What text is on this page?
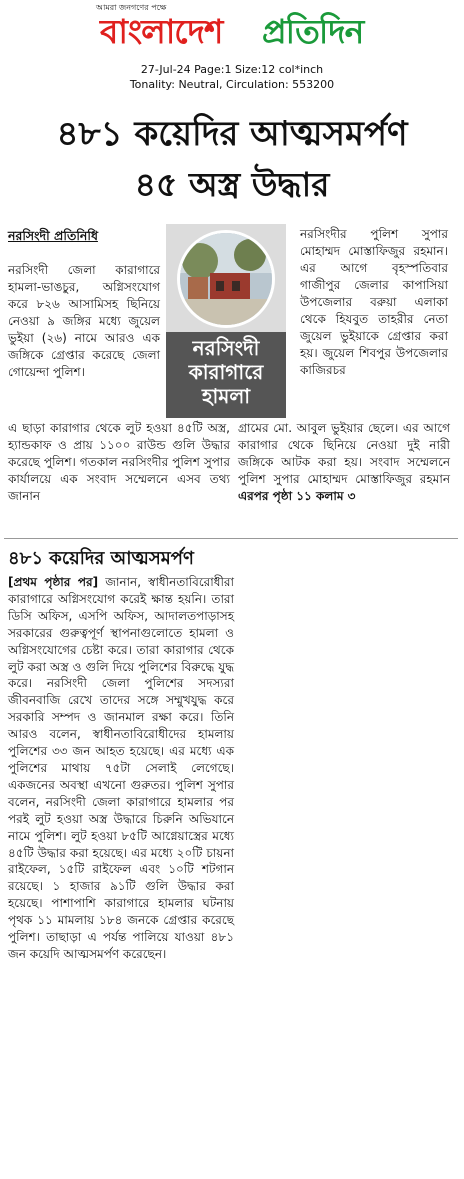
আমরা জনগণের পক্ষে
বাংলাদেশ প্রতিদিন
27-Jul-24 Page:1 Size:12 col*inch
Tonality: Neutral, Circulation: 553200
৪৮১ কয়েদির আত্মসমর্পণ
৪৫ অস্ত্র উদ্ধার
নরসিংদী প্রতিনিধি
নরসিংদী জেলা কারাগারে হামলা-ভাঙচুর, অগ্নিসংযোগ করে ৮২৬ আসামিসহ ছিনিয়ে নেওয়া ৯ জঙ্গির মধ্যে জুয়েল ভুইয়া (২৬) নামে আরও এক জঙ্গিকে গ্রেপ্তার করেছে জেলা গোয়েন্দা পুলিশ।
নরসিংদী
কারাগারে
হামলা
নরসিংদীর পুলিশ সুপার মোহাম্মদ মোস্তাফিজুর রহমান। এর আগে বৃহস্পতিবার গাজীপুর জেলার কাপাসিয়া উপজেলার বরুয়া এলাকা থেকে হিযবুত তাহরীর নেতা জুয়েল ভুইয়াকে গ্রেপ্তার করা হয়। জুয়েল শিবপুর উপজেলার কাজিরচর
এ ছাড়া কারাগার থেকে লুট হওয়া ৪৫টি অস্ত্র, হ্যান্ডকাফ ও প্রায় ১১০০ রাউন্ড গুলি উদ্ধার করেছে পুলিশ। গতকাল নরসিংদীর পুলিশ সুপার কার্যালয়ে এক সংবাদ সম্মেলনে এসব তথ্য জানান
গ্রামের মো. আবুল ভুইয়ার ছেলে। এর আগে কারাগার থেকে ছিনিয়ে নেওয়া দুই নারী জঙ্গিকে আটক করা হয়। সংবাদ সম্মেলনে পুলিশ সুপার মোহাম্মদ মোস্তাফিজুর রহমান এরপর পৃষ্ঠা ১১ কলাম ৩
৪৮১ কয়েদির আত্মসমর্পণ
[প্রথম পৃষ্ঠার পর] জানান, স্বাধীনতাবিরোধীরা কারাগারে অগ্নিসংযোগ করেই ক্ষান্ত হয়নি। তারা ডিসি অফিস, এসপি অফিস, আদালতপাড়াসহ সরকারের গুরুত্বপূর্ণ স্থাপনাগুলোতে হামলা ও অগ্নিসংযোগের চেষ্টা করে। তারা কারাগার থেকে লুট করা অস্ত্র ও গুলি দিয়ে পুলিশের বিরুদ্ধে যুদ্ধ করে। নরসিংদী জেলা পুলিশের সদস্যরা জীবনবাজি রেখে তাদের সঙ্গে সম্মুখযুদ্ধ করে সরকারি সম্পদ ও জানমাল রক্ষা করে। তিনি আরও বলেন, স্বাধীনতাবিরোধীদের হামলায় পুলিশের ৩৩ জন আহত হয়েছে। এর মধ্যে এক পুলিশের মাথায় ৭৫টা সেলাই লেগেছে। একজনের অবস্থা এখনো গুরুতর। পুলিশ সুপার বলেন, নরসিংদী জেলা কারাগারে হামলার পর পরই লুট হওয়া অস্ত্র উদ্ধারে চিরুনি অভিযানে নামে পুলিশ। লুট হওয়া ৮৫টি আগ্নেয়াস্ত্রের মধ্যে ৪৫টি উদ্ধার করা হয়েছে। এর মধ্যে ২০টি চায়না রাইফেল, ১৫টি রাইফেল এবং ১০টি শটগান রয়েছে। ১ হাজার ৯১টি গুলি উদ্ধার করা হয়েছে। পাশাপাশি কারাগারে হামলার ঘটনায় পৃথক ১১ মামলায় ১৮৪ জনকে গ্রেপ্তার করেছে পুলিশ। তাছাড়া এ পর্যন্ত পালিয়ে যাওয়া ৪৮১ জন কয়েদি আত্মসমর্পণ করেছেন।
